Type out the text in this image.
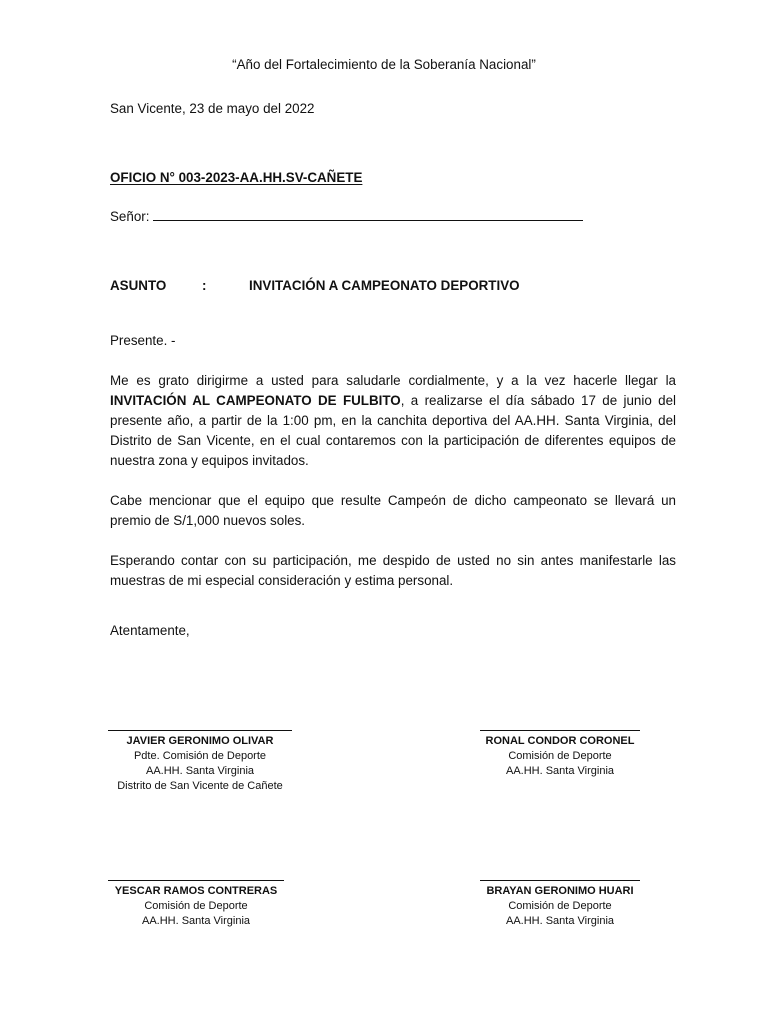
“Año del Fortalecimiento de la Soberanía Nacional”
San Vicente, 23 de mayo del 2022
OFICIO N° 003-2023-AA.HH.SV-CAÑETE
Señor:
ASUNTO	:	INVITACIÓN A CAMPEONATO DEPORTIVO
Presente. -
Me es grato dirigirme a usted para saludarle cordialmente, y a la vez hacerle llegar la INVITACIÓN AL CAMPEONATO DE FULBITO, a realizarse el día sábado 17 de junio del presente año, a partir de la 1:00 pm, en la canchita deportiva del AA.HH. Santa Virginia, del Distrito de San Vicente, en el cual contaremos con la participación de diferentes equipos de nuestra zona y equipos invitados.
Cabe mencionar que el equipo que resulte Campeón de dicho campeonato se llevará un premio de S/1,000 nuevos soles.
Esperando contar con su participación, me despido de usted no sin antes manifestarle las muestras de mi especial consideración y estima personal.
Atentamente,
JAVIER GERONIMO OLIVAR
Pdte. Comisión de Deporte
AA.HH. Santa Virginia
Distrito de San Vicente de Cañete
RONAL CONDOR CORONEL
Comisión de Deporte
AA.HH. Santa Virginia
YESCAR RAMOS CONTRERAS
Comisión de Deporte
AA.HH. Santa Virginia
BRAYAN GERONIMO HUARI
Comisión de Deporte
AA.HH. Santa Virginia
